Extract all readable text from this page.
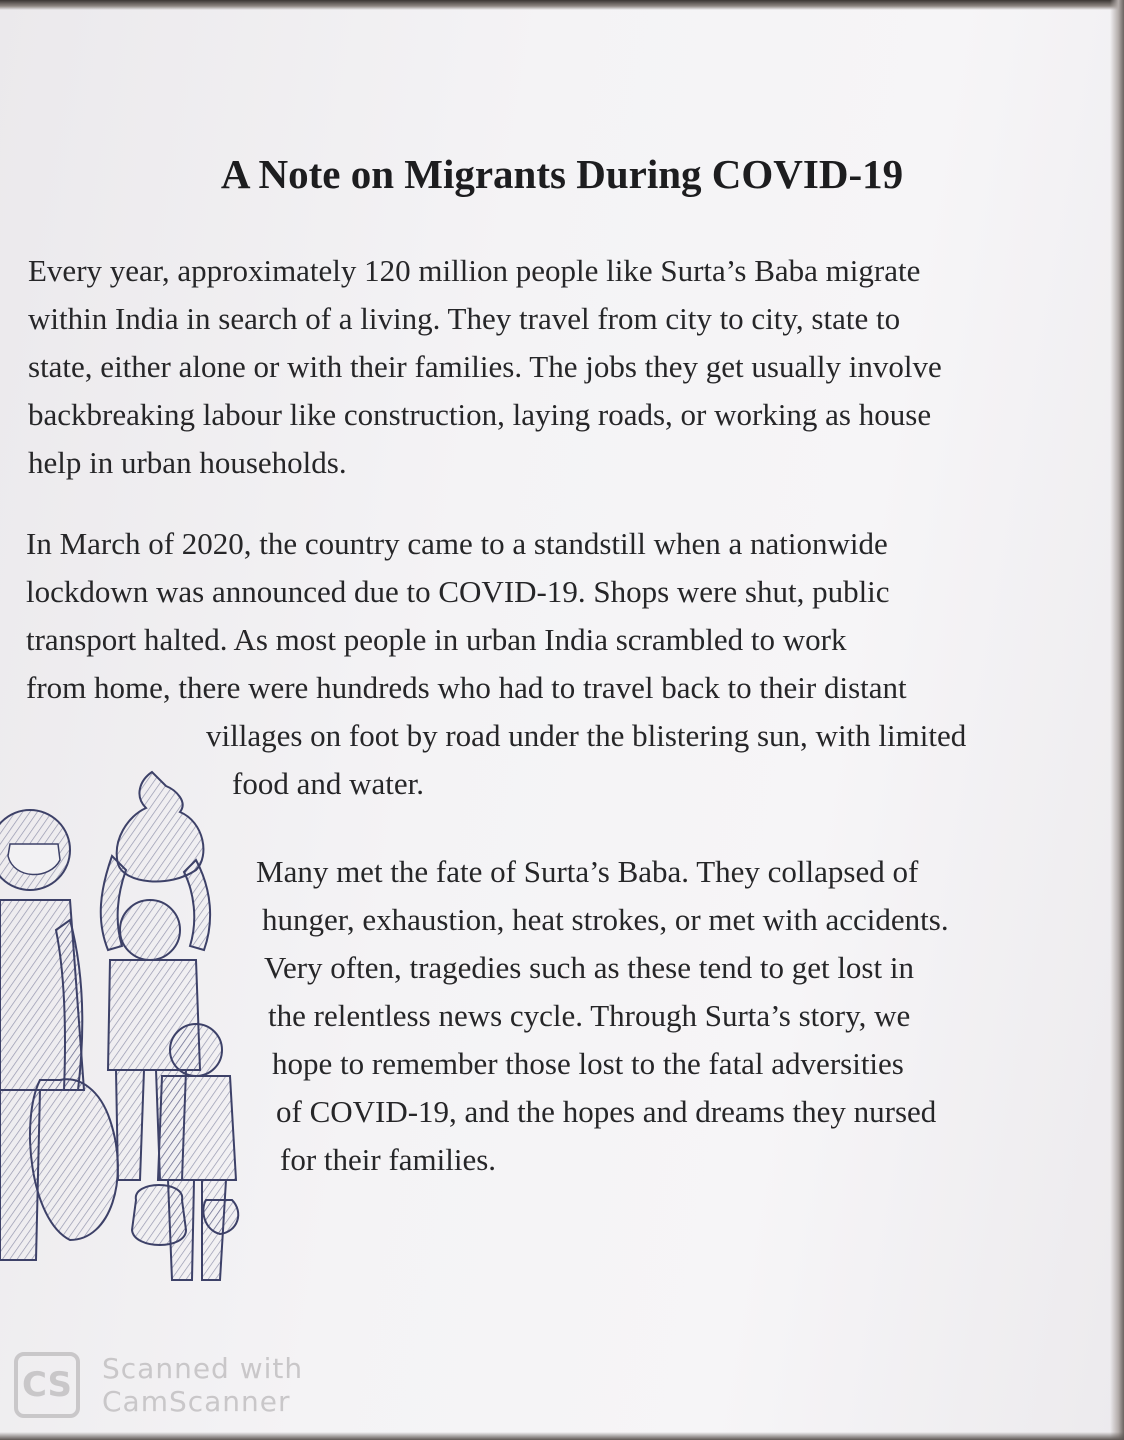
A Note on Migrants During COVID-19

Every year, approximately 120 million people like Surta’s Baba migrate
within India in search of a living. They travel from city to city, state to
state, either alone or with their families. The jobs they get usually involve
backbreaking labour like construction, laying roads, or working as house
help in urban households.

In March of 2020, the country came to a standstill when a nationwide
lockdown was announced due to COVID-19. Shops were shut, public
transport halted. As most people in urban India scrambled to work
from home, there were hundreds who had to travel back to their distant
villages on foot by road under the blistering sun, with limited
food and water.

Many met the fate of Surta’s Baba. They collapsed of
hunger, exhaustion, heat strokes, or met with accidents.
Very often, tragedies such as these tend to get lost in
the relentless news cycle. Through Surta’s story, we
hope to remember those lost to the fatal adversities
of COVID-19, and the hopes and dreams they nursed
for their families.

CS Scanned with
CamScanner
